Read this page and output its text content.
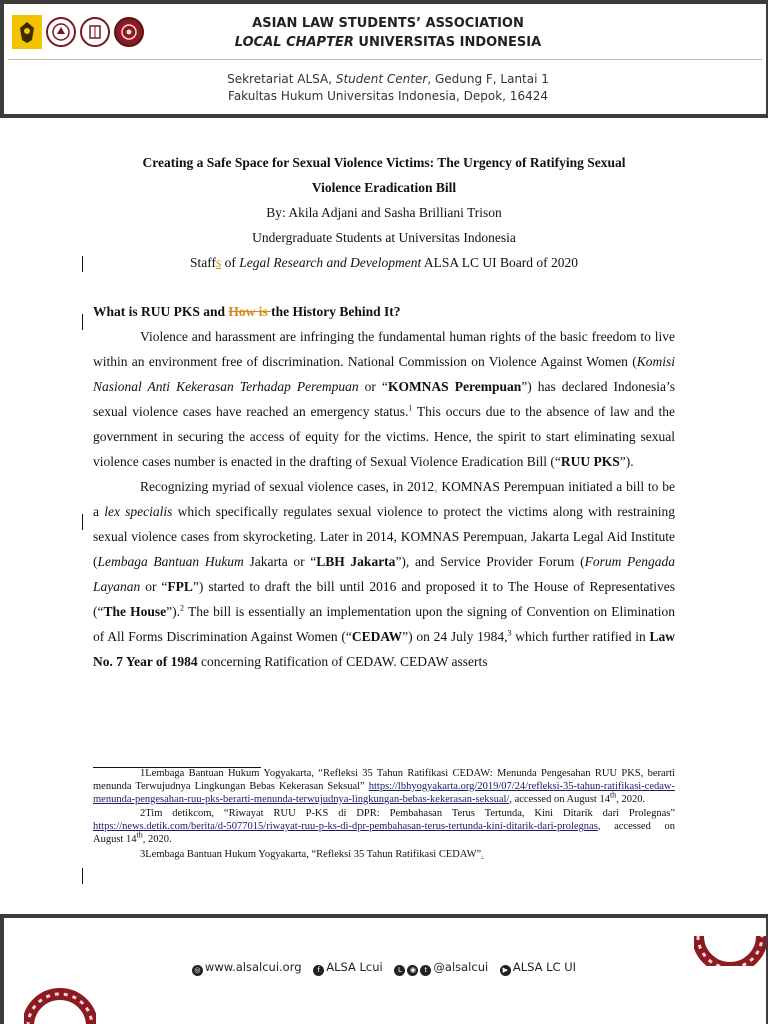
ASIAN LAW STUDENTS’ ASSOCIATION
LOCAL CHAPTER UNIVERSITAS INDONESIA
Sekretariat ALSA, Student Center, Gedung F, Lantai 1
Fakultas Hukum Universitas Indonesia, Depok, 16424
Creating a Safe Space for Sexual Violence Victims: The Urgency of Ratifying Sexual
Violence Eradication Bill
By: Akila Adjani and Sasha Brilliani Trison
Undergraduate Students at Universitas Indonesia
Staffs of Legal Research and Development ALSA LC UI Board of 2020
What is RUU PKS and How is the History Behind It?

Violence and harassment are infringing the fundamental human rights of the basic freedom to live within an environment free of discrimination. National Commission on Violence Against Women (Komisi Nasional Anti Kekerasan Terhadap Perempuan or “KOMNAS Perempuan”) has declared Indonesia’s sexual violence cases have reached an emergency status.$^1$ This occurs due to the absence of law and the government in securing the access of equity for the victims. Hence, the spirit to start eliminating sexual violence cases number is enacted in the drafting of Sexual Violence Eradication Bill (“RUU PKS”).

Recognizing myriad of sexual violence cases, in 2012, KOMNAS Perempuan initiated a bill to be a lex specialis which specifically regulates sexual violence to protect the victims along with restraining sexual violence cases from skyrocketing. Later in 2014, KOMNAS Perempuan, Jakarta Legal Aid Institute (Lembaga Bantuan Hukum Jakarta or “LBH Jakarta”), and Service Provider Forum (Forum Pengada Layanan or “FPL”) started to draft the bill until 2016 and proposed it to The House of Representatives (“The House”).$^2$ The bill is essentially an implementation upon the signing of Convention on Elimination of All Forms Discrimination Against Women (“CEDAW”) on 24 July 1984,$^3$ which further ratified in Law No. 7 Year of 1984 concerning Ratification of CEDAW. CEDAW asserts

1Lembaga Bantuan Hukum Yogyakarta, “Refleksi 35 Tahun Ratifikasi CEDAW: Menunda Pengesahan RUU PKS, berarti menunda Terwujudnya Lingkungan Bebas Kekerasan Seksual” https://lbhyogyakarta.org/2019/07/24/refleksi-35-tahun-ratifikasi-cedaw-menunda-pengesahan-ruu-pks-berarti-menunda-terwujudnya-lingkungan-bebas-kekerasan-seksual/, accessed on August 14th, 2020.
2Tim detikcom, “Riwayat RUU P-KS di DPR: Pembahasan Terus Tertunda, Kini Ditarik dari Prolegnas” https://news.detik.com/berita/d-5077015/riwayat-ruu-p-ks-di-dpr-pembahasan-terus-tertunda-kini-ditarik-dari-prolegnas, accessed on August 14th, 2020.
3Lembaga Bantuan Hukum Yogyakarta, “Refleksi 35 Tahun Ratifikasi CEDAW”.
◎ www.alsalcui.org f ALSA Lcui L ◉ t @alsalcui ▶ ALSA LC UI
